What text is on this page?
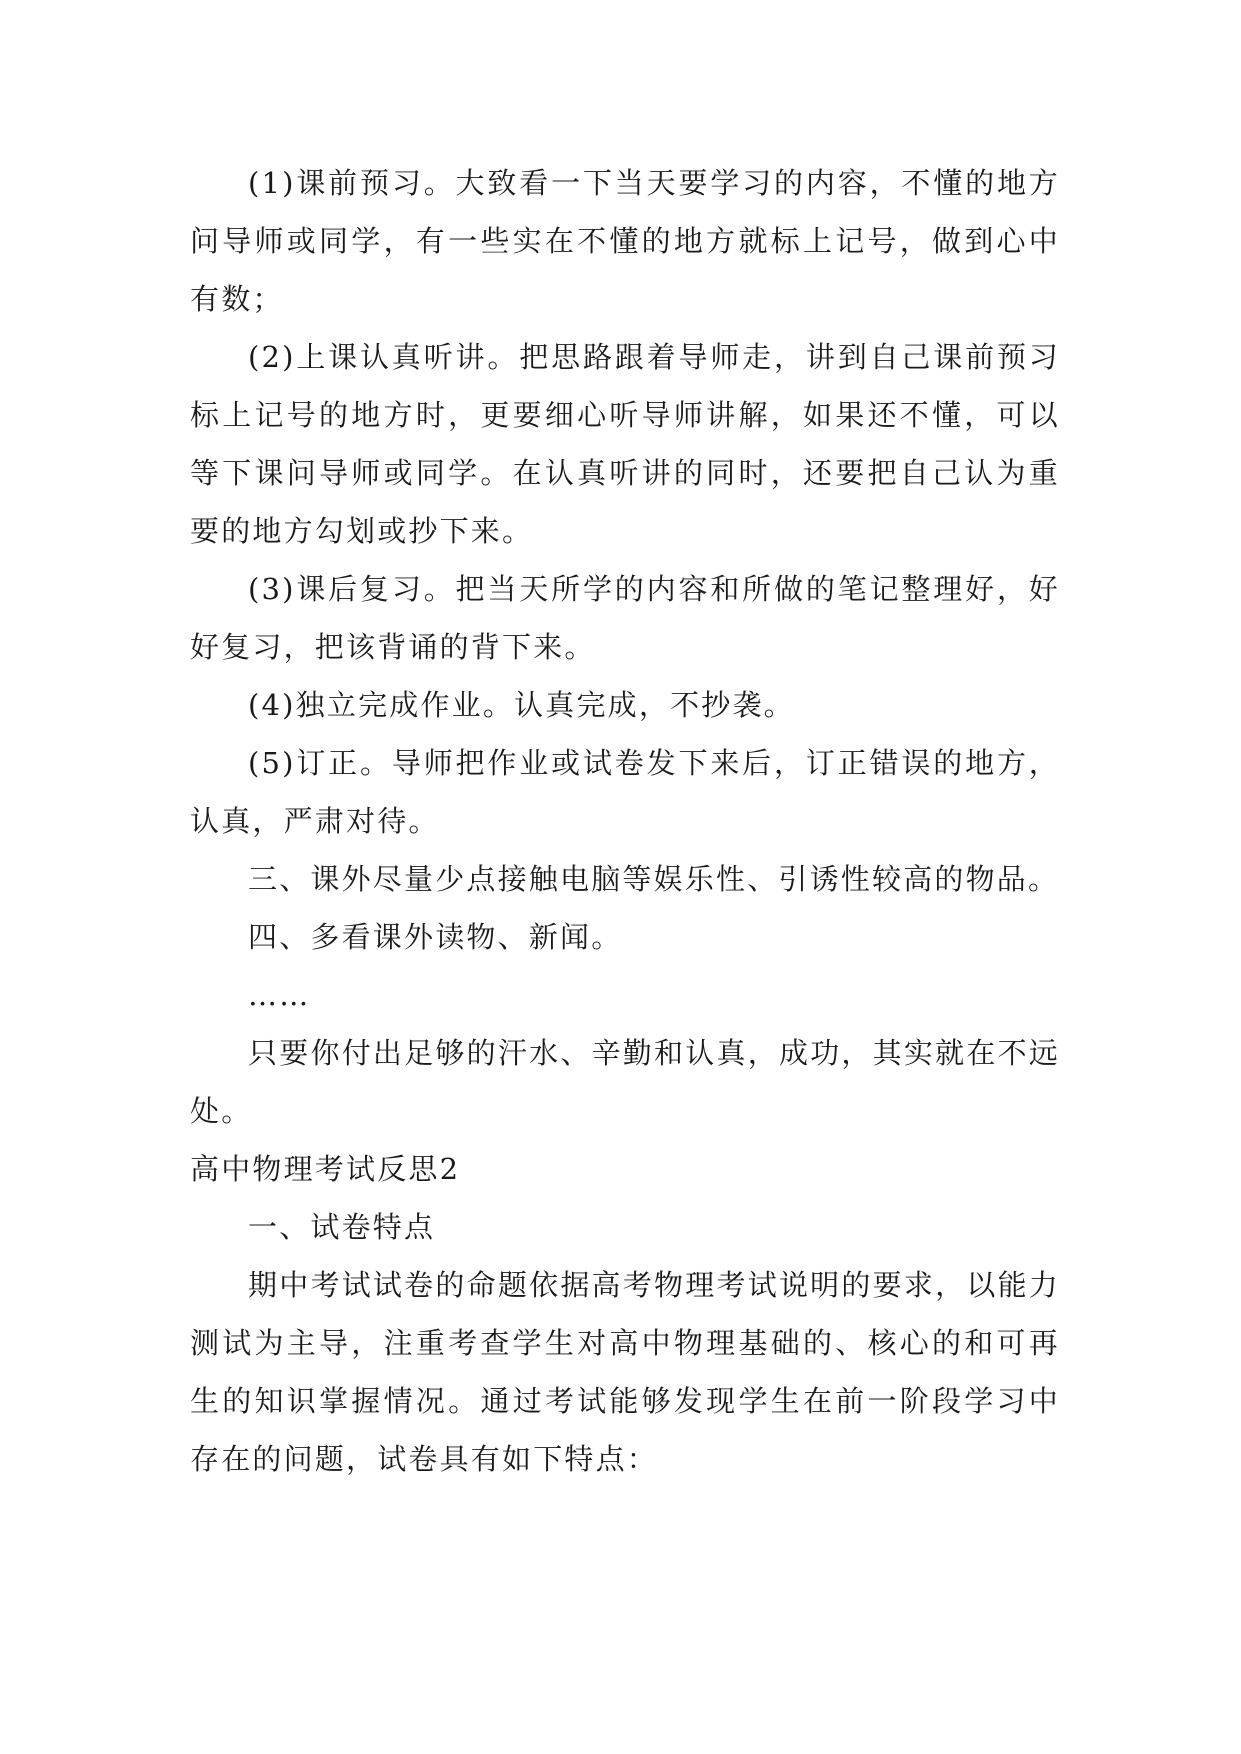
(1)课前预习。大致看一下当天要学习的内容，不懂的地方问导师或同学，有一些实在不懂的地方就标上记号，做到心中有数；

(2)上课认真听讲。把思路跟着导师走，讲到自己课前预习标上记号的地方时，更要细心听导师讲解，如果还不懂，可以等下课问导师或同学。在认真听讲的同时，还要把自己认为重要的地方勾划或抄下来。

(3)课后复习。把当天所学的内容和所做的笔记整理好，好好复习，把该背诵的背下来。

(4)独立完成作业。认真完成，不抄袭。

(5)订正。导师把作业或试卷发下来后，订正错误的地方，认真，严肃对待。

三、课外尽量少点接触电脑等娱乐性、引诱性较高的物品。

四、多看课外读物、新闻。

……

只要你付出足够的汗水、辛勤和认真，成功，其实就在不远处。

高中物理考试反思2

一、试卷特点

期中考试试卷的命题依据高考物理考试说明的要求，以能力测试为主导，注重考查学生对高中物理基础的、核心的和可再生的知识掌握情况。通过考试能够发现学生在前一阶段学习中存在的问题，试卷具有如下特点：
